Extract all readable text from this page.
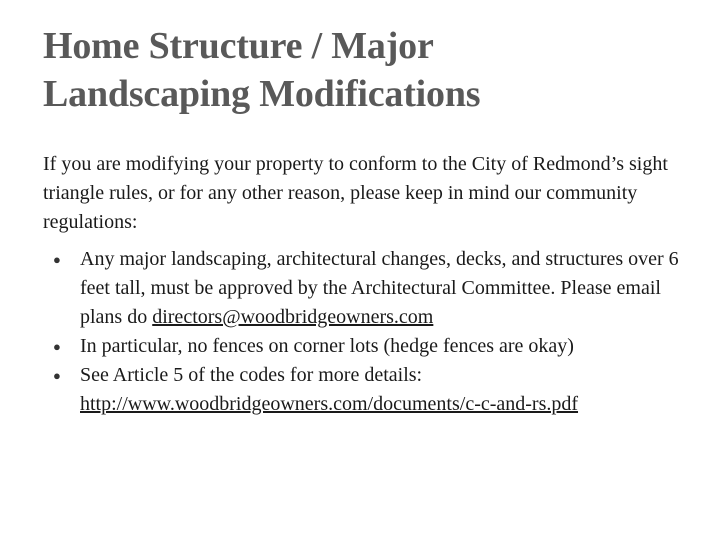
Home Structure / Major
Landscaping Modifications

If you are modifying your property to conform to the City of Redmond’s sight triangle rules, or for any other reason, please keep in mind our community regulations:

● Any major landscaping, architectural changes, decks, and structures over 6 feet tall, must be approved by the Architectural Committee. Please email plans do directors@woodbridgeowners.com
● In particular, no fences on corner lots (hedge fences are okay)
● See Article 5 of the codes for more details: http://www.woodbridgeowners.com/documents/c-c-and-rs.pdf
